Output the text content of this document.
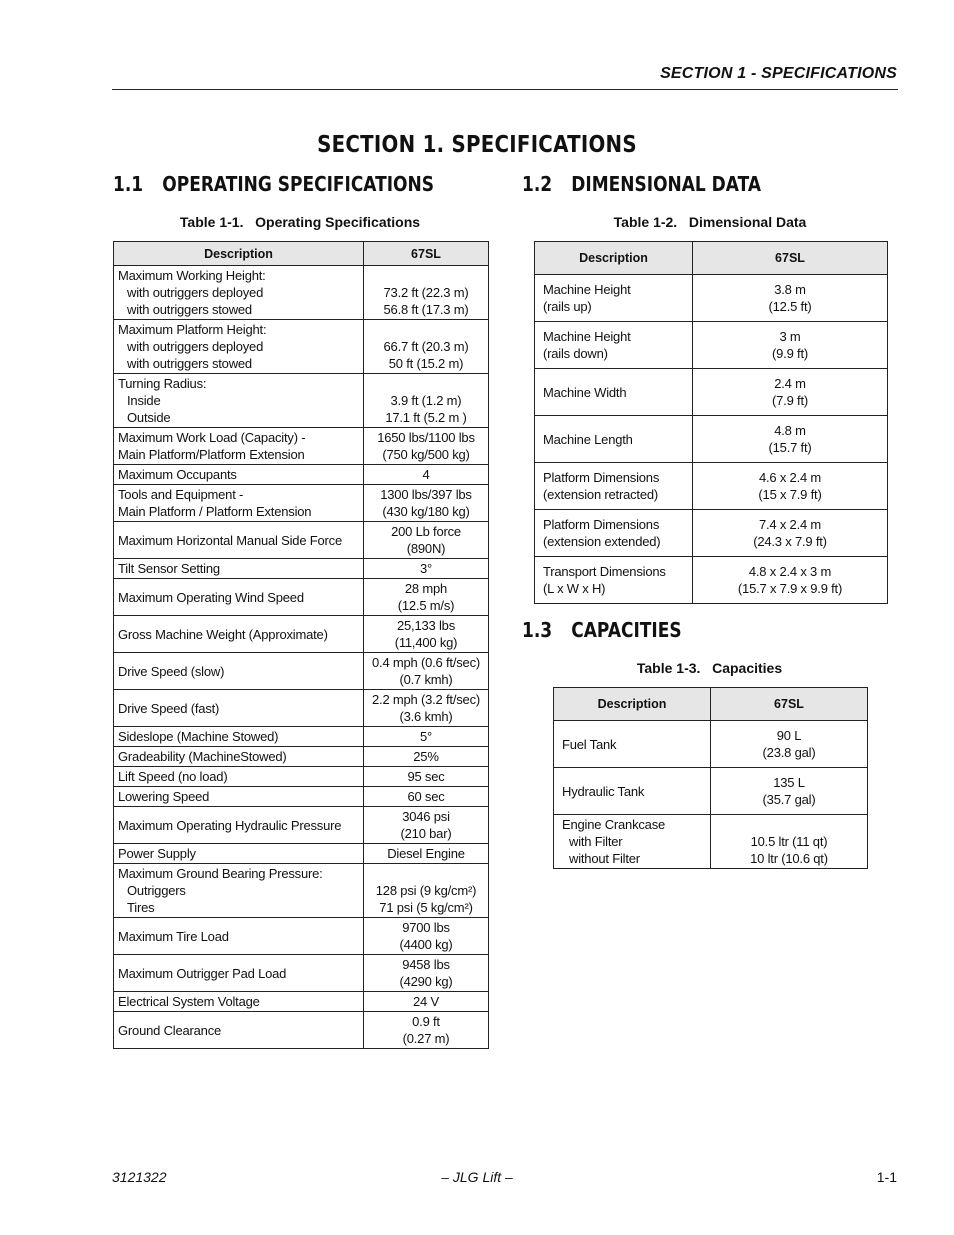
SECTION 1 - SPECIFICATIONS
SECTION 1. SPECIFICATIONS
1.1 OPERATING SPECIFICATIONS
Table 1-1.   Operating Specifications
Description	67SL

Maximum Working Height:
with outriggers deployed
with outriggers stowed	73.2 ft (22.3 m)
56.8 ft (17.3 m)

Maximum Platform Height:
with outriggers deployed
with outriggers stowed	66.7 ft (20.3 m)
50 ft (15.2 m)

Turning Radius:
Inside
Outside	3.9 ft (1.2 m)
17.1 ft (5.2 m )

Maximum Work Load (Capacity) -
Main Platform/Platform Extension	1650 lbs/1100 lbs
(750 kg/500 kg)

Maximum Occupants	4

Tools and Equipment -
Main Platform / Platform Extension	1300 lbs/397 lbs
(430 kg/180 kg)

Maximum Horizontal Manual Side Force	200 Lb force
(890N)

Tilt Sensor Setting	3°

Maximum Operating Wind Speed	28 mph
(12.5 m/s)

Gross Machine Weight (Approximate)	25,133 lbs
(11,400 kg)

Drive Speed (slow)	0.4 mph (0.6 ft/sec)
(0.7 kmh)

Drive Speed (fast)	2.2 mph (3.2 ft/sec)
(3.6 kmh)

Sideslope (Machine Stowed)	5°

Gradeability (MachineStowed)	25%

Lift Speed (no load)	95 sec

Lowering Speed	60 sec

Maximum Operating Hydraulic Pressure	3046 psi
(210 bar)

Power Supply	Diesel Engine

Maximum Ground Bearing Pressure:
Outriggers
Tires	128 psi (9 kg/cm²)
71 psi (5 kg/cm²)

Maximum Tire Load	9700 lbs
(4400 kg)

Maximum Outrigger Pad Load	9458 lbs
(4290 kg)

Electrical System Voltage	24 V

Ground Clearance	0.9 ft
(0.27 m)
1.2 DIMENSIONAL DATA
Table 1-2.   Dimensional Data
Description	67SL

Machine Height
(rails up)	3.8 m
(12.5 ft)

Machine Height
(rails down)	3 m
(9.9 ft)

Machine Width	2.4 m
(7.9 ft)

Machine Length	4.8 m
(15.7 ft)

Platform Dimensions
(extension retracted)	4.6 x 2.4 m
(15 x 7.9 ft)

Platform Dimensions
(extension extended)	7.4 x 2.4 m
(24.3 x 7.9 ft)

Transport Dimensions
(L x W x H)	4.8 x 2.4 x 3 m
(15.7 x 7.9 x 9.9 ft)
1.3 CAPACITIES
Table 1-3.   Capacities
Description	67SL

Fuel Tank	90 L
(23.8 gal)

Hydraulic Tank	135 L
(35.7 gal)

Engine Crankcase
with Filter
without Filter	10.5 ltr (11 qt)
10 ltr (10.6 qt)
3121322	– JLG Lift –	1-1
